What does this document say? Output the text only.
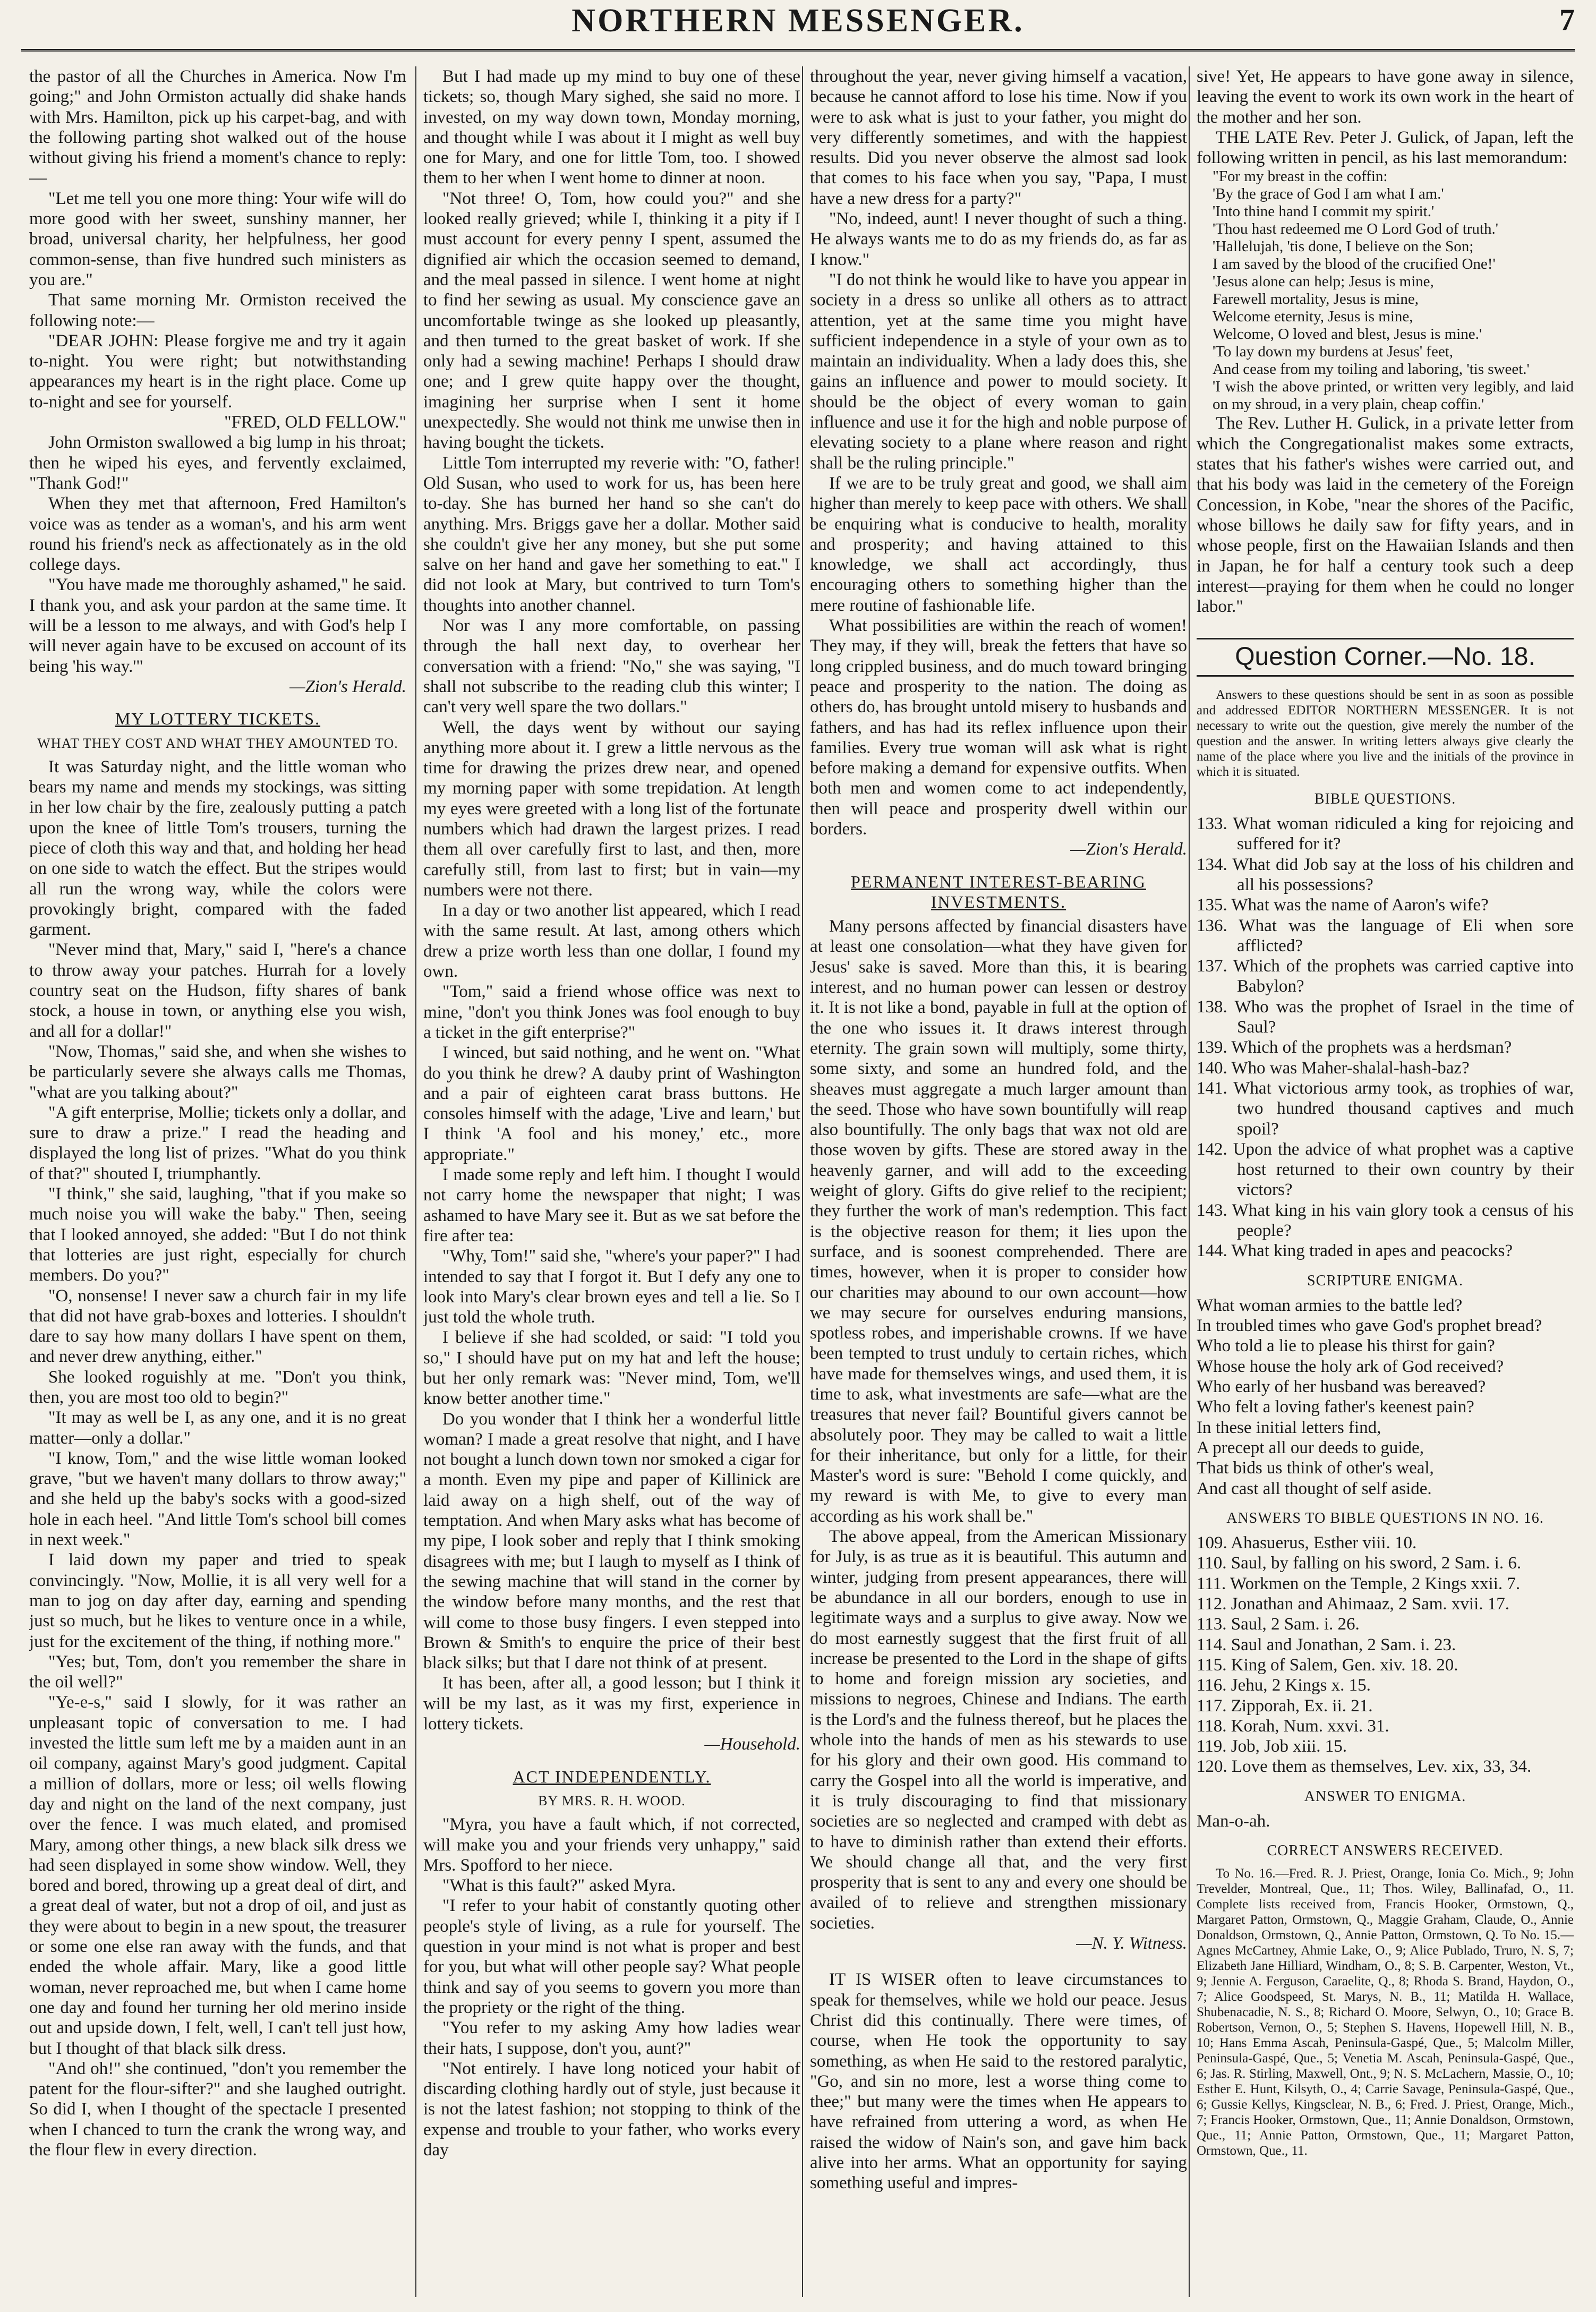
NORTHERN MESSENGER.	7

the pastor of all the Churches in America. Now I'm going;" and John Ormiston actually did shake hands with Mrs. Hamilton, pick up his carpet-bag, and with the following parting shot walked out of the house without giving his friend a moment's chance to reply:—

"Let me tell you one more thing: Your wife will do more good with her sweet, sunshiny manner, her broad, universal charity, her helpfulness, her good common-sense, than five hundred such ministers as you are."

That same morning Mr. Ormiston received the following note:—

"DEAR JOHN: Please forgive me and try it again to-night. You were right; but notwithstanding appearances my heart is in the right place. Come up to-night and see for yourself.

"FRED, OLD FELLOW."

John Ormiston swallowed a big lump in his throat; then he wiped his eyes, and fervently exclaimed, "Thank God!"

When they met that afternoon, Fred Hamilton's voice was as tender as a woman's, and his arm went round his friend's neck as affectionately as in the old college days.

"You have made me thoroughly ashamed," he said. I thank you, and ask your pardon at the same time. It will be a lesson to me always, and with God's help I will never again have to be excused on account of its being 'his way.'"

—Zion's Herald.

MY LOTTERY TICKETS.
WHAT THEY COST AND WHAT THEY AMOUNTED TO.

It was Saturday night, and the little woman who bears my name and mends my stockings, was sitting in her low chair by the fire, zealously putting a patch upon the knee of little Tom's trousers, turning the piece of cloth this way and that, and holding her head on one side to watch the effect. But the stripes would all run the wrong way, while the colors were provokingly bright, compared with the faded garment.

"Never mind that, Mary," said I, "here's a chance to throw away your patches. Hurrah for a lovely country seat on the Hudson, fifty shares of bank stock, a house in town, or anything else you wish, and all for a dollar!"

"Now, Thomas," said she, and when she wishes to be particularly severe she always calls me Thomas, "what are you talking about?"

"A gift enterprise, Mollie; tickets only a dollar, and sure to draw a prize." I read the heading and displayed the long list of prizes. "What do you think of that?" shouted I, triumphantly.

"I think," she said, laughing, "that if you make so much noise you will wake the baby." Then, seeing that I looked annoyed, she added: "But I do not think that lotteries are just right, especially for church members. Do you?"

"O, nonsense! I never saw a church fair in my life that did not have grab-boxes and lotteries. I shouldn't dare to say how many dollars I have spent on them, and never drew anything, either."

She looked roguishly at me. "Don't you think, then, you are most too old to begin?"

"It may as well be I, as any one, and it is no great matter—only a dollar."

"I know, Tom," and the wise little woman looked grave, "but we haven't many dollars to throw away;" and she held up the baby's socks with a good-sized hole in each heel. "And little Tom's school bill comes in next week."

I laid down my paper and tried to speak convincingly. "Now, Mollie, it is all very well for a man to jog on day after day, earning and spending just so much, but he likes to venture once in a while, just for the excitement of the thing, if nothing more."

"Yes; but, Tom, don't you remember the share in the oil well?"

"Ye-e-s," said I slowly, for it was rather an unpleasant topic of conversation to me. I had invested the little sum left me by a maiden aunt in an oil company, against Mary's good judgment. Capital a million of dollars, more or less; oil wells flowing day and night on the land of the next company, just over the fence. I was much elated, and promised Mary, among other things, a new black silk dress we had seen displayed in some show window. Well, they bored and bored, throwing up a great deal of dirt, and a great deal of water, but not a drop of oil, and just as they were about to begin in a new spout, the treasurer or some one else ran away with the funds, and that ended the whole affair. Mary, like a good little woman, never reproached me, but when I came home one day and found her turning her old merino inside out and upside down, I felt, well, I can't tell just how, but I thought of that black silk dress.

"And oh!" she continued, "don't you remember the patent for the flour-sifter?" and she laughed outright. So did I, when I thought of the spectacle I presented when I chanced to turn the crank the wrong way, and the flour flew in every direction.

But I had made up my mind to buy one of these tickets; so, though Mary sighed, she said no more. I invested, on my way down town, Monday morning, and thought while I was about it I might as well buy one for Mary, and one for little Tom, too. I showed them to her when I went home to dinner at noon.

"Not three! O, Tom, how could you?" and she looked really grieved; while I, thinking it a pity if I must account for every penny I spent, assumed the dignified air which the occasion seemed to demand, and the meal passed in silence. I went home at night to find her sewing as usual. My conscience gave an uncomfortable twinge as she looked up pleasantly, and then turned to the great basket of work. If she only had a sewing machine! Perhaps I should draw one; and I grew quite happy over the thought, imagining her surprise when I sent it home unexpectedly. She would not think me unwise then in having bought the tickets.

Little Tom interrupted my reverie with: "O, father! Old Susan, who used to work for us, has been here to-day. She has burned her hand so she can't do anything. Mrs. Briggs gave her a dollar. Mother said she couldn't give her any money, but she put some salve on her hand and gave her something to eat." I did not look at Mary, but contrived to turn Tom's thoughts into another channel.

Nor was I any more comfortable, on passing through the hall next day, to overhear her conversation with a friend: "No," she was saying, "I shall not subscribe to the reading club this winter; I can't very well spare the two dollars."

Well, the days went by without our saying anything more about it. I grew a little nervous as the time for drawing the prizes drew near, and opened my morning paper with some trepidation. At length my eyes were greeted with a long list of the fortunate numbers which had drawn the largest prizes. I read them all over carefully first to last, and then, more carefully still, from last to first; but in vain—my numbers were not there.

In a day or two another list appeared, which I read with the same result. At last, among others which drew a prize worth less than one dollar, I found my own.

"Tom," said a friend whose office was next to mine, "don't you think Jones was fool enough to buy a ticket in the gift enterprise?"

I winced, but said nothing, and he went on. "What do you think he drew? A dauby print of Washington and a pair of eighteen carat brass buttons. He consoles himself with the adage, 'Live and learn,' but I think 'A fool and his money,' etc., more appropriate."

I made some reply and left him. I thought I would not carry home the newspaper that night; I was ashamed to have Mary see it. But as we sat before the fire after tea:

"Why, Tom!" said she, "where's your paper?" I had intended to say that I forgot it. But I defy any one to look into Mary's clear brown eyes and tell a lie. So I just told the whole truth.

I believe if she had scolded, or said: "I told you so," I should have put on my hat and left the house; but her only remark was: "Never mind, Tom, we'll know better another time."

Do you wonder that I think her a wonderful little woman? I made a great resolve that night, and I have not bought a lunch down town nor smoked a cigar for a month. Even my pipe and paper of Killinick are laid away on a high shelf, out of the way of temptation. And when Mary asks what has become of my pipe, I look sober and reply that I think smoking disagrees with me; but I laugh to myself as I think of the sewing machine that will stand in the corner by the window before many months, and the rest that will come to those busy fingers. I even stepped into Brown & Smith's to enquire the price of their best black silks; but that I dare not think of at present.

It has been, after all, a good lesson; but I think it will be my last, as it was my first, experience in lottery tickets.

—Household.

ACT INDEPENDENTLY.
BY MRS. R. H. WOOD.

"Myra, you have a fault which, if not corrected, will make you and your friends very unhappy," said Mrs. Spofford to her niece.

"What is this fault?" asked Myra.

"I refer to your habit of constantly quoting other people's style of living, as a rule for yourself. The question in your mind is not what is proper and best for you, but what will other people say? What people think and say of you seems to govern you more than the propriety or the right of the thing.

"You refer to my asking Amy how ladies wear their hats, I suppose, don't you, aunt?"

"Not entirely. I have long noticed your habit of discarding clothing hardly out of style, just because it is not the latest fashion; not stopping to think of the expense and trouble to your father, who works every day

throughout the year, never giving himself a vacation, because he cannot afford to lose his time. Now if you were to ask what is just to your father, you might do very differently sometimes, and with the happiest results. Did you never observe the almost sad look that comes to his face when you say, "Papa, I must have a new dress for a party?"

"No, indeed, aunt! I never thought of such a thing. He always wants me to do as my friends do, as far as I know."

"I do not think he would like to have you appear in society in a dress so unlike all others as to attract attention, yet at the same time you might have sufficient independence in a style of your own as to maintain an individuality. When a lady does this, she gains an influence and power to mould society. It should be the object of every woman to gain influence and use it for the high and noble purpose of elevating society to a plane where reason and right shall be the ruling principle."

If we are to be truly great and good, we shall aim higher than merely to keep pace with others. We shall be enquiring what is conducive to health, morality and prosperity; and having attained to this knowledge, we shall act accordingly, thus encouraging others to something higher than the mere routine of fashionable life.

What possibilities are within the reach of women! They may, if they will, break the fetters that have so long crippled business, and do much toward bringing peace and prosperity to the nation. The doing as others do, has brought untold misery to husbands and fathers, and has had its reflex influence upon their families. Every true woman will ask what is right before making a demand for expensive outfits. When both men and women come to act independently, then will peace and prosperity dwell within our borders.

—Zion's Herald.

PERMANENT INTEREST-BEARING INVESTMENTS.

Many persons affected by financial disasters have at least one consolation—what they have given for Jesus' sake is saved. More than this, it is bearing interest, and no human power can lessen or destroy it. It is not like a bond, payable in full at the option of the one who issues it. It draws interest through eternity. The grain sown will multiply, some thirty, some sixty, and some an hundred fold, and the sheaves must aggregate a much larger amount than the seed. Those who have sown bountifully will reap also bountifully. The only bags that wax not old are those woven by gifts. These are stored away in the heavenly garner, and will add to the exceeding weight of glory. Gifts do give relief to the recipient; they further the work of man's redemption. This fact is the objective reason for them; it lies upon the surface, and is soonest comprehended. There are times, however, when it is proper to consider how our charities may abound to our own account—how we may secure for ourselves enduring mansions, spotless robes, and imperishable crowns. If we have been tempted to trust unduly to certain riches, which have made for themselves wings, and used them, it is time to ask, what investments are safe—what are the treasures that never fail? Bountiful givers cannot be absolutely poor. They may be called to wait a little for their inheritance, but only for a little, for their Master's word is sure: "Behold I come quickly, and my reward is with Me, to give to every man according as his work shall be."

The above appeal, from the American Missionary for July, is as true as it is beautiful. This autumn and winter, judging from present appearances, there will be abundance in all our borders, enough to use in legitimate ways and a surplus to give away. Now we do most earnestly suggest that the first fruit of all increase be presented to the Lord in the shape of gifts to home and foreign mission ary societies, and missions to negroes, Chinese and Indians. The earth is the Lord's and the fulness thereof, but he places the whole into the hands of men as his stewards to use for his glory and their own good. His command to carry the Gospel into all the world is imperative, and it is truly discouraging to find that missionary societies are so neglected and cramped with debt as to have to diminish rather than extend their efforts. We should change all that, and the very first prosperity that is sent to any and every one should be availed of to relieve and strengthen missionary societies.

—N. Y. Witness.

IT IS WISER often to leave circumstances to speak for themselves, while we hold our peace. Jesus Christ did this continually. There were times, of course, when He took the opportunity to say something, as when He said to the restored paralytic, "Go, and sin no more, lest a worse thing come to thee;" but many were the times when He appears to have refrained from uttering a word, as when He raised the widow of Nain's son, and gave him back alive into her arms. What an opportunity for saying something useful and impres-

sive! Yet, He appears to have gone away in silence, leaving the event to work its own work in the heart of the mother and her son.

THE LATE Rev. Peter J. Gulick, of Japan, left the following written in pencil, as his last memorandum:

"For my breast in the coffin:
'By the grace of God I am what I am.'
'Into thine hand I commit my spirit.'
'Thou hast redeemed me O Lord God of truth.'
'Hallelujah, 'tis done, I believe on the Son;
I am saved by the blood of the crucified One!'
'Jesus alone can help; Jesus is mine,
Farewell mortality, Jesus is mine,
Welcome eternity, Jesus is mine,
Welcome, O loved and blest, Jesus is mine.'
'To lay down my burdens at Jesus' feet,
And cease from my toiling and laboring, 'tis sweet.'
'I wish the above printed, or written very legibly, and laid on my shroud, in a very plain, cheap coffin.'

The Rev. Luther H. Gulick, in a private letter from which the Congregationalist makes some extracts, states that his father's wishes were carried out, and that his body was laid in the cemetery of the Foreign Concession, in Kobe, "near the shores of the Pacific, whose billows he daily saw for fifty years, and in whose people, first on the Hawaiian Islands and then in Japan, he for half a century took such a deep interest—praying for them when he could no longer labor."

Question Corner.—No. 18.

Answers to these questions should be sent in as soon as possible and addressed EDITOR NORTHERN MESSENGER. It is not necessary to write out the question, give merely the number of the question and the answer. In writing letters always give clearly the name of the place where you live and the initials of the province in which it is situated.

BIBLE QUESTIONS.
133. What woman ridiculed a king for rejoicing and suffered for it?
134. What did Job say at the loss of his children and all his possessions?
135. What was the name of Aaron's wife?
136. What was the language of Eli when sore afflicted?
137. Which of the prophets was carried captive into Babylon?
138. Who was the prophet of Israel in the time of Saul?
139. Which of the prophets was a herdsman?
140. Who was Maher-shalal-hash-baz?
141. What victorious army took, as trophies of war, two hundred thousand captives and much spoil?
142. Upon the advice of what prophet was a captive host returned to their own country by their victors?
143. What king in his vain glory took a census of his people?
144. What king traded in apes and peacocks?
SCRIPTURE ENIGMA.
What woman armies to the battle led?
In troubled times who gave God's prophet bread?
Who told a lie to please his thirst for gain?
Whose house the holy ark of God received?
Who early of her husband was bereaved?
Who felt a loving father's keenest pain?
In these initial letters find,
A precept all our deeds to guide,
That bids us think of other's weal,
And cast all thought of self aside.
ANSWERS TO BIBLE QUESTIONS IN NO. 16.
109. Ahasuerus, Esther viii. 10.
110. Saul, by falling on his sword, 2 Sam. i. 6.
111. Workmen on the Temple, 2 Kings xxii. 7.
112. Jonathan and Ahimaaz, 2 Sam. xvii. 17.
113. Saul, 2 Sam. i. 26.
114. Saul and Jonathan, 2 Sam. i. 23.
115. King of Salem, Gen. xiv. 18. 20.
116. Jehu, 2 Kings x. 15.
117. Zipporah, Ex. ii. 21.
118. Korah, Num. xxvi. 31.
119. Job, Job xiii. 15.
120. Love them as themselves, Lev. xix, 33, 34.
ANSWER TO ENIGMA.

Man-o-ah.

CORRECT ANSWERS RECEIVED.

To No. 16.—Fred. R. J. Priest, Orange, Ionia Co. Mich., 9; John Trevelder, Montreal, Que., 11; Thos. Wiley, Ballinafad, O., 11. Complete lists received from, Francis Hooker, Ormstown, Q., Margaret Patton, Ormstown, Q., Maggie Graham, Claude, O., Annie Donaldson, Ormstown, Q., Annie Patton, Ormstown, Q. To No. 15.—Agnes McCartney, Ahmie Lake, O., 9; Alice Publado, Truro, N. S, 7; Elizabeth Jane Hilliard, Windham, O., 8; S. B. Carpenter, Weston, Vt., 9; Jennie A. Ferguson, Caraelite, Q., 8; Rhoda S. Brand, Haydon, O., 7; Alice Goodspeed, St. Marys, N. B., 11; Matilda H. Wallace, Shubenacadie, N. S., 8; Richard O. Moore, Selwyn, O., 10; Grace B. Robertson, Vernon, O., 5; Stephen S. Havens, Hopewell Hill, N. B., 10; Hans Emma Ascah, Peninsula-Gaspé, Que., 5; Malcolm Miller, Peninsula-Gaspé, Que., 5; Venetia M. Ascah, Peninsula-Gaspé, Que., 6; Jas. R. Stirling, Maxwell, Ont., 9; N. S. McLachern, Massie, O., 10; Esther E. Hunt, Kilsyth, O., 4; Carrie Savage, Peninsula-Gaspé, Que., 6; Gussie Kellys, Kingsclear, N. B., 6; Fred. J. Priest, Orange, Mich., 7; Francis Hooker, Ormstown, Que., 11; Annie Donaldson, Ormstown, Que., 11; Annie Patton, Ormstown, Que., 11; Margaret Patton, Ormstown, Que., 11.
